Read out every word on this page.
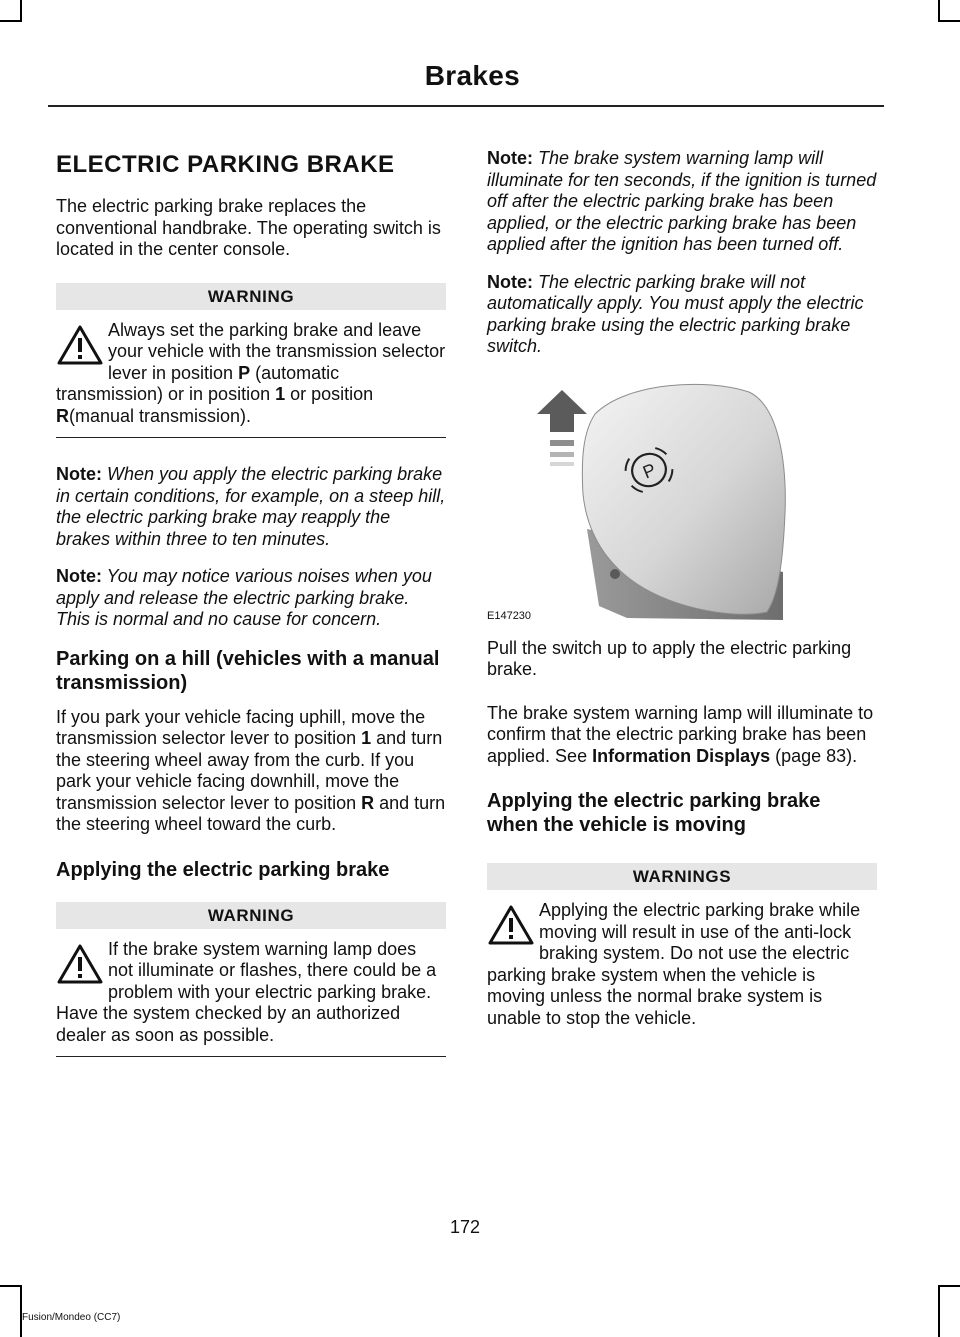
Brakes
ELECTRIC PARKING BRAKE

The electric parking brake replaces the conventional handbrake. The operating switch is located in the center console.

WARNING
Always set the parking brake and leave your vehicle with the transmission selector lever in position P (automatic transmission) or in position 1 or position R(manual transmission).

Note: When you apply the electric parking brake in certain conditions, for example, on a steep hill, the electric parking brake may reapply the brakes within three to ten minutes.

Note: You may notice various noises when you apply and release the electric parking brake. This is normal and no cause for concern.

Parking on a hill (vehicles with a manual transmission)

If you park your vehicle facing uphill, move the transmission selector lever to position 1 and turn the steering wheel away from the curb. If you park your vehicle facing downhill, move the transmission selector lever to position R and turn the steering wheel toward the curb.

Applying the electric parking brake
WARNING
If the brake system warning lamp does not illuminate or flashes, there could be a problem with your electric parking brake. Have the system checked by an authorized dealer as soon as possible.

Note: The brake system warning lamp will illuminate for ten seconds, if the ignition is turned off after the electric parking brake has been applied, or the electric parking brake has been applied after the ignition has been turned off.

Note: The electric parking brake will not automatically apply. You must apply the electric parking brake using the electric parking brake switch.

P
E147230

Pull the switch up to apply the electric parking brake.

The brake system warning lamp will illuminate to confirm that the electric parking brake has been applied. See Information Displays (page 83).

Applying the electric parking brake when the vehicle is moving
WARNINGS
Applying the electric parking brake while moving will result in use of the anti-lock braking system. Do not use the electric parking brake system when the vehicle is moving unless the normal brake system is unable to stop the vehicle.
172
Fusion/Mondeo (CC7)
